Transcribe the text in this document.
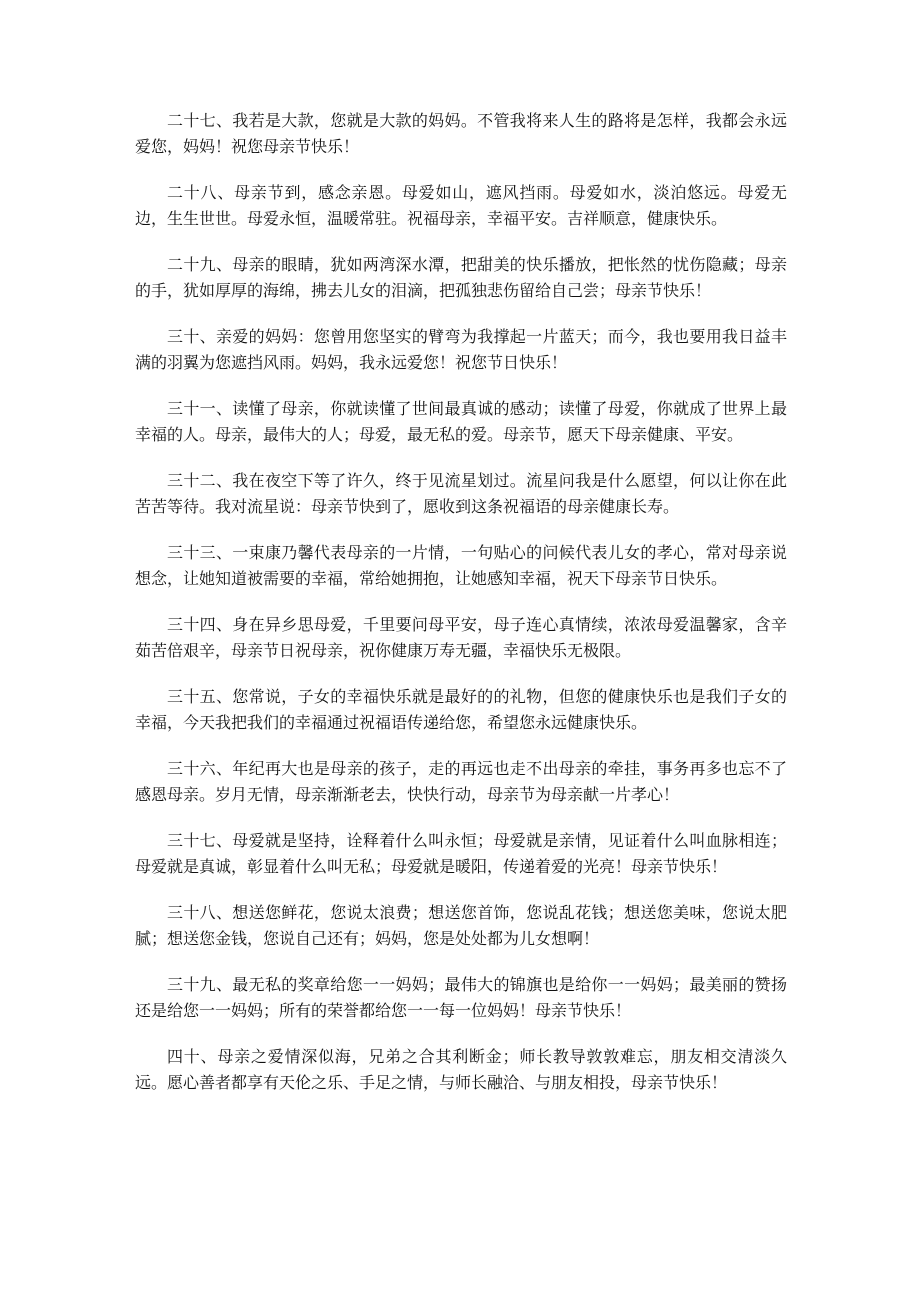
二十七、我若是大款，您就是大款的妈妈。不管我将来人生的路将是怎样，我都会永远爱您，妈妈！祝您母亲节快乐！

二十八、母亲节到，感念亲恩。母爱如山，遮风挡雨。母爱如水，淡泊悠远。母爱无边，生生世世。母爱永恒，温暖常驻。祝福母亲，幸福平安。吉祥顺意，健康快乐。

二十九、母亲的眼睛，犹如两湾深水潭，把甜美的快乐播放，把怅然的忧伤隐藏；母亲的手，犹如厚厚的海绵，拂去儿女的泪滴，把孤独悲伤留给自己尝；母亲节快乐！

三十、亲爱的妈妈：您曾用您坚实的臂弯为我撑起一片蓝天；而今，我也要用我日益丰满的羽翼为您遮挡风雨。妈妈，我永远爱您！祝您节日快乐！

三十一、读懂了母亲，你就读懂了世间最真诚的感动；读懂了母爱，你就成了世界上最幸福的人。母亲，最伟大的人；母爱，最无私的爱。母亲节，愿天下母亲健康、平安。

三十二、我在夜空下等了许久，终于见流星划过。流星问我是什么愿望，何以让你在此苦苦等待。我对流星说：母亲节快到了，愿收到这条祝福语的母亲健康长寿。

三十三、一束康乃馨代表母亲的一片情，一句贴心的问候代表儿女的孝心，常对母亲说想念，让她知道被需要的幸福，常给她拥抱，让她感知幸福，祝天下母亲节日快乐。

三十四、身在异乡思母爱，千里要问母平安，母子连心真情续，浓浓母爱温馨家，含辛茹苦倍艰辛，母亲节日祝母亲，祝你健康万寿无疆，幸福快乐无极限。

三十五、您常说，子女的幸福快乐就是最好的的礼物，但您的健康快乐也是我们子女的幸福，今天我把我们的幸福通过祝福语传递给您，希望您永远健康快乐。

三十六、年纪再大也是母亲的孩子，走的再远也走不出母亲的牵挂，事务再多也忘不了感恩母亲。岁月无情，母亲渐渐老去，快快行动，母亲节为母亲献一片孝心！

三十七、母爱就是坚持，诠释着什么叫永恒；母爱就是亲情，见证着什么叫血脉相连；母爱就是真诚，彰显着什么叫无私；母爱就是暖阳，传递着爱的光亮！母亲节快乐！

三十八、想送您鲜花，您说太浪费；想送您首饰，您说乱花钱；想送您美味，您说太肥腻；想送您金钱，您说自己还有；妈妈，您是处处都为儿女想啊！

三十九、最无私的奖章给您一一妈妈；最伟大的锦旗也是给你一一妈妈；最美丽的赞扬还是给您一一妈妈；所有的荣誉都给您一一每一位妈妈！母亲节快乐！

四十、母亲之爱情深似海，兄弟之合其利断金；师长教导敦敦难忘，朋友相交清淡久远。愿心善者都享有天伦之乐、手足之情，与师长融洽、与朋友相投，母亲节快乐！
